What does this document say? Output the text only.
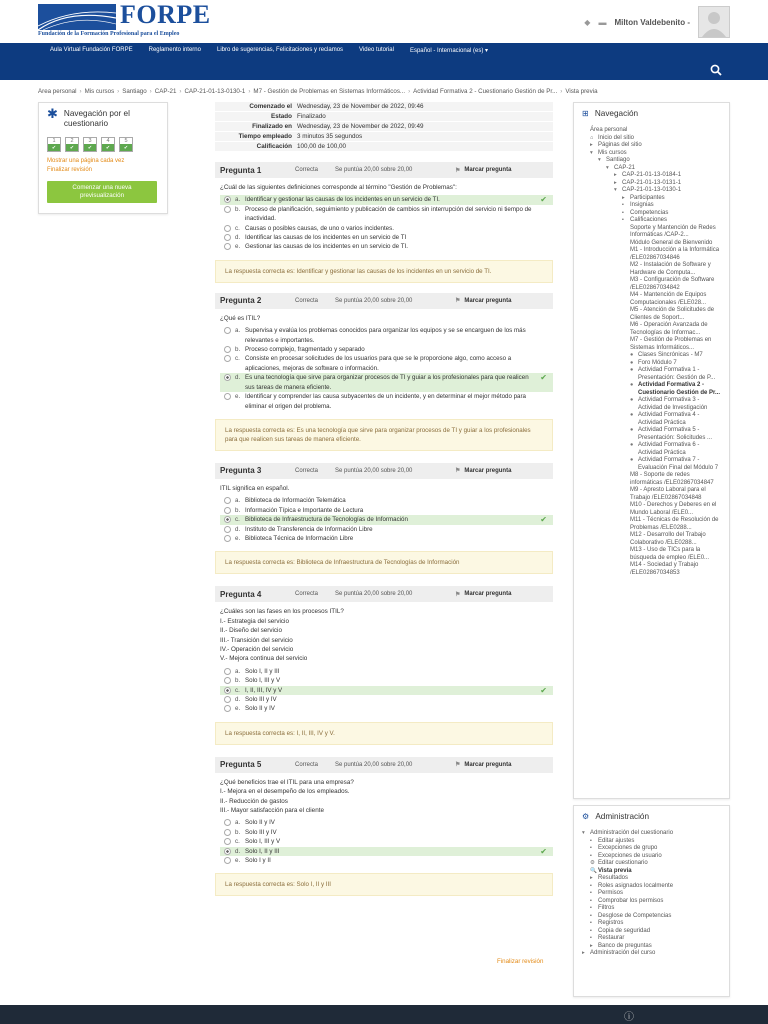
FORPE
Fundación de la Formación Profesional para el Empleo
◆ ▬ Milton Valdebenito -
Aula Virtual Fundación FORPE	Reglamento interno	Libro de sugerencias, Felicitaciones y reclamos	Video tutorial	Español - Internacional (es) ▾
Área personal › Mis cursos › Santiago › CAP-21 › CAP-21-01-13-0130-1 › M7 - Gestión de Problemas en Sistemas Informáticos... › Actividad Formativa 2 - Cuestionario Gestión de Pr... › Vista previa
✱ Navegación por el cuestionario
1
✔
2
✔
3
✔
4
✔
5
✔
Mostrar una página cada vez
Finalizar revisión
Comenzar una nueva previsualización
Comenzado el Wednesday, 23 de November de 2022, 09:46
Estado Finalizado
Finalizado en Wednesday, 23 de November de 2022, 09:49
Tiempo empleado 3 minutos 35 segundos
Calificación 100,00 de 100,00
Pregunta 1	Correcta	Se puntúa 20,00 sobre 20,00	⚑ Marcar pregunta
¿Cuál de las siguientes definiciones corresponde al término "Gestión de Problemas":
a. Identificar y gestionar las causas de los incidentes en un servicio de TI.	✔
b. Proceso de planificación, seguimiento y publicación de cambios sin interrupción del servicio ni tiempo de inactividad.
c. Causas o posibles causas, de uno o varios incidentes.
d. Identificar las causas de los incidentes en un servicio de TI
e. Gestionar las causas de los incidentes en un servicio de TI.
La respuesta correcta es: Identificar y gestionar las causas de los incidentes en un servicio de TI.
Pregunta 2	Correcta	Se puntúa 20,00 sobre 20,00	⚑ Marcar pregunta
¿Qué es ITIL?
a. Supervisa y evalúa los problemas conocidos para organizar los equipos y se se encarguen de los más relevantes e importantes.
b. Proceso complejo, fragmentado y separado
c. Consiste en procesar solicitudes de los usuarios para que se le proporcione algo, como acceso a aplicaciones, mejoras de software o información.
d. Es una tecnología que sirve para organizar procesos de TI y guiar a los profesionales para que realicen sus tareas de manera eficiente.
✔
e. Identificar y comprender las causa subyacentes de un incidente, y en determinar el mejor método para eliminar el origen del problema.
La respuesta correcta es: Es una tecnología que sirve para organizar procesos de TI y guiar a los profesionales para que realicen sus tareas de manera eficiente.
Pregunta 3	Correcta	Se puntúa 20,00 sobre 20,00	⚑ Marcar pregunta
ITIL significa en español.
a. Biblioteca de Información Telemática
b. Información Típica e Importante de Lectura
c. Biblioteca de Infraestructura de Tecnologías de Información	✔
d. Instituto de Transferencia de Información Libre
e. Biblioteca Técnica de Información Libre
La respuesta correcta es: Biblioteca de Infraestructura de Tecnologías de Información
Pregunta 4	Correcta	Se puntúa 20,00 sobre 20,00	⚑ Marcar pregunta
¿Cuáles son las fases en los procesos ITIL?
I.- Estrategia del servicio
II.- Diseño del servicio
III.- Transición del servicio
IV.- Operación del servicio
V.- Mejora continua del servicio
a. Solo I, II y III
b. Solo I, III y V
c. I, II, III, IV y V	✔
d. Solo III y IV
e. Solo II y IV
La respuesta correcta es: I, II, III, IV y V.
Pregunta 5	Correcta	Se puntúa 20,00 sobre 20,00	⚑ Marcar pregunta
¿Qué beneficios trae el ITIL para una empresa?
I.- Mejora en el desempeño de los empleados.
II.- Reducción de gastos
III.- Mayor satisfacción para el cliente
a. Solo II y IV
b. Solo III y IV
c. Solo I, III y V
d. Solo I, II y III	✔
e. Solo I y II
La respuesta correcta es: Solo I, II y III
Finalizar revisión
⊞ Navegación
Área personal
⌂ Inicio del sitio
▸ Páginas del sitio
▾ Mis cursos
▾ Santiago
▾ CAP-21
▸ CAP-21-01-13-0184-1
▸ CAP-21-01-13-0131-1
▾ CAP-21-01-13-0130-1
▸ Participantes
▪	Insignias
▪	Competencias
▪	Calificaciones
Soporte y Mantención de Redes Informáticas /CAP-2...
Módulo General de Bienvenido
M1 - Introducción a la Informática /ELE02867034846
M2 - Instalación de Software y Hardware de Computa...
M3 - Configuración de Software /ELE02867034842
M4 - Mantención de Equipos Computacionales /ELE028...
M5 - Atención de Solicitudes de Clientes de Soport...
M6 - Operación Avanzada de Tecnologías de Informac...
M7 - Gestión de Problemas en Sistemas Informáticos...
● Clases Sincrónicas - M7
● Foro Módulo 7
● Actividad Formativa 1 - Presentación: Gestión de P...
● Actividad Formativa 2 - Cuestionario Gestión de Pr...
● Actividad Formativa 3 - Actividad de Investigación
● Actividad Formativa 4 - Actividad Práctica
● Actividad Formativa 5 - Presentación: Solicitudes ...
● Actividad Formativa 6 - Actividad Práctica
● Actividad Formativa 7 - Evaluación Final del Módulo 7
M8 - Soporte de redes informáticas /ELE02867034847
M9 - Apresto Laboral para el Trabajo /ELE02867034848
M10 - Derechos y Deberes en el Mundo Laboral /ELE0...
M11 - Técnicas de Resolución de Problemas /ELE0288...
M12 - Desarrollo del Trabajo Colaborativo /ELE0288...
M13 - Uso de TICs para la búsqueda de empleo /ELE0...
M14 - Sociedad y Trabajo /ELE02867034853
⚙ Administración
▾ Administración del cuestionario
▪	Editar ajustes
▪	Excepciones de grupo
▪	Excepciones de usuario
⚙ Editar cuestionario
🔍 Vista previa
▸ Resultados
▪	Roles asignados localmente
▪	Permisos
▪	Comprobar los permisos
▪	Filtros
▪	Desglose de Competencias
▪	Registros
▪	Copia de seguridad
▪	Restaurar
▸ Banco de preguntas
▸ Administración del curso
ⓘ
